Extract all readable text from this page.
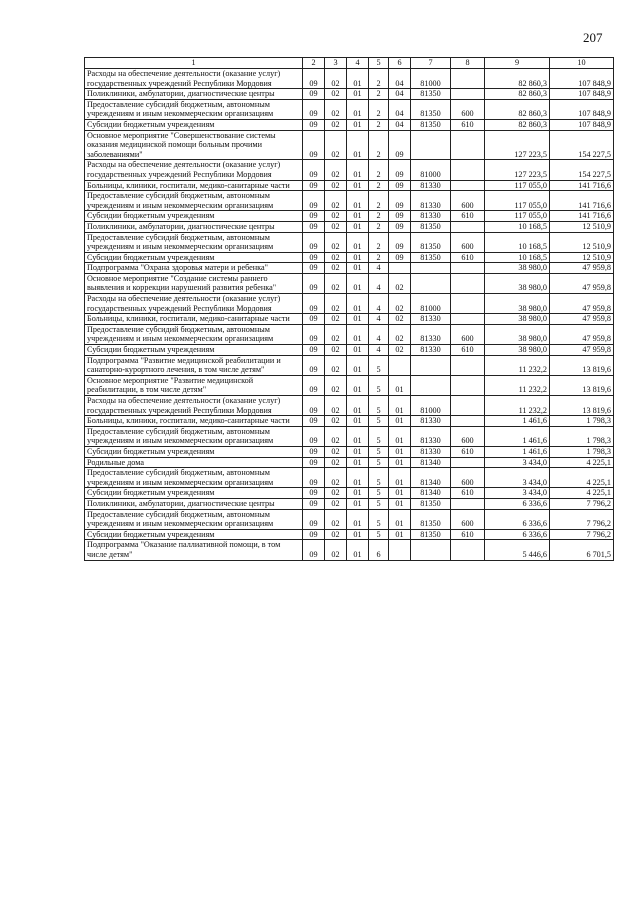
207
1	2	3	4	5	6	7	8	9	10
Расходы на обеспечение деятельности (оказание услуг) государственных учреждений Республики Мордовия	09	02	01	2	04	81000		82 860,3	107 848,9
Поликлиники, амбулатории, диагностические центры	09	02	01	2	04	81350		82 860,3	107 848,9
Предоставление субсидий бюджетным, автономным учреждениям и иным некоммерческим организациям	09	02	01	2	04	81350	600	82 860,3	107 848,9
Субсидии бюджетным учреждениям	09	02	01	2	04	81350	610	82 860,3	107 848,9
Основное мероприятие "Совершенствование системы оказания медицинской помощи больным прочими заболеваниями"	09	02	01	2	09			127 223,5	154 227,5
Расходы на обеспечение деятельности (оказание услуг) государственных учреждений Республики Мордовия	09	02	01	2	09	81000		127 223,5	154 227,5
Больницы, клиники, госпитали, медико-санитарные части	09	02	01	2	09	81330		117 055,0	141 716,6
Предоставление субсидий бюджетным, автономным учреждениям и иным некоммерческим организациям	09	02	01	2	09	81330	600	117 055,0	141 716,6
Субсидии бюджетным учреждениям	09	02	01	2	09	81330	610	117 055,0	141 716,6
Поликлиники, амбулатории, диагностические центры	09	02	01	2	09	81350		10 168,5	12 510,9
Предоставление субсидий бюджетным, автономным учреждениям и иным некоммерческим организациям	09	02	01	2	09	81350	600	10 168,5	12 510,9
Субсидии бюджетным учреждениям	09	02	01	2	09	81350	610	10 168,5	12 510,9
Подпрограмма "Охрана здоровья матери и ребенка"	09	02	01	4				38 980,0	47 959,8
Основное мероприятие "Создание системы раннего выявления и коррекции нарушений развития ребенка"	09	02	01	4	02			38 980,0	47 959,8
Расходы на обеспечение деятельности (оказание услуг) государственных учреждений Республики Мордовия	09	02	01	4	02	81000		38 980,0	47 959,8
Больницы, клиники, госпитали, медико-санитарные части	09	02	01	4	02	81330		38 980,0	47 959,8
Предоставление субсидий бюджетным, автономным учреждениям и иным некоммерческим организациям	09	02	01	4	02	81330	600	38 980,0	47 959,8
Субсидии бюджетным учреждениям	09	02	01	4	02	81330	610	38 980,0	47 959,8
Подпрограмма "Развитие медицинской реабилитации и санаторно-курортного лечения, в том числе детям"	09	02	01	5				11 232,2	13 819,6
Основное мероприятие "Развитие медицинской реабилитации, в том числе детям"	09	02	01	5	01			11 232,2	13 819,6
Расходы на обеспечение деятельности (оказание услуг) государственных учреждений Республики Мордовия	09	02	01	5	01	81000		11 232,2	13 819,6
Больницы, клиники, госпитали, медико-санитарные части	09	02	01	5	01	81330		1 461,6	1 798,3
Предоставление субсидий бюджетным, автономным учреждениям и иным некоммерческим организациям	09	02	01	5	01	81330	600	1 461,6	1 798,3
Субсидии бюджетным учреждениям	09	02	01	5	01	81330	610	1 461,6	1 798,3
Родильные дома	09	02	01	5	01	81340		3 434,0	4 225,1
Предоставление субсидий бюджетным, автономным учреждениям и иным некоммерческим организациям	09	02	01	5	01	81340	600	3 434,0	4 225,1
Субсидии бюджетным учреждениям	09	02	01	5	01	81340	610	3 434,0	4 225,1
Поликлиники, амбулатории, диагностические центры	09	02	01	5	01	81350		6 336,6	7 796,2
Предоставление субсидий бюджетным, автономным учреждениям и иным некоммерческим организациям	09	02	01	5	01	81350	600	6 336,6	7 796,2
Субсидии бюджетным учреждениям	09	02	01	5	01	81350	610	6 336,6	7 796,2
Подпрограмма "Оказание паллиативной помощи, в том числе детям"	09	02	01	6				5 446,6	6 701,5
